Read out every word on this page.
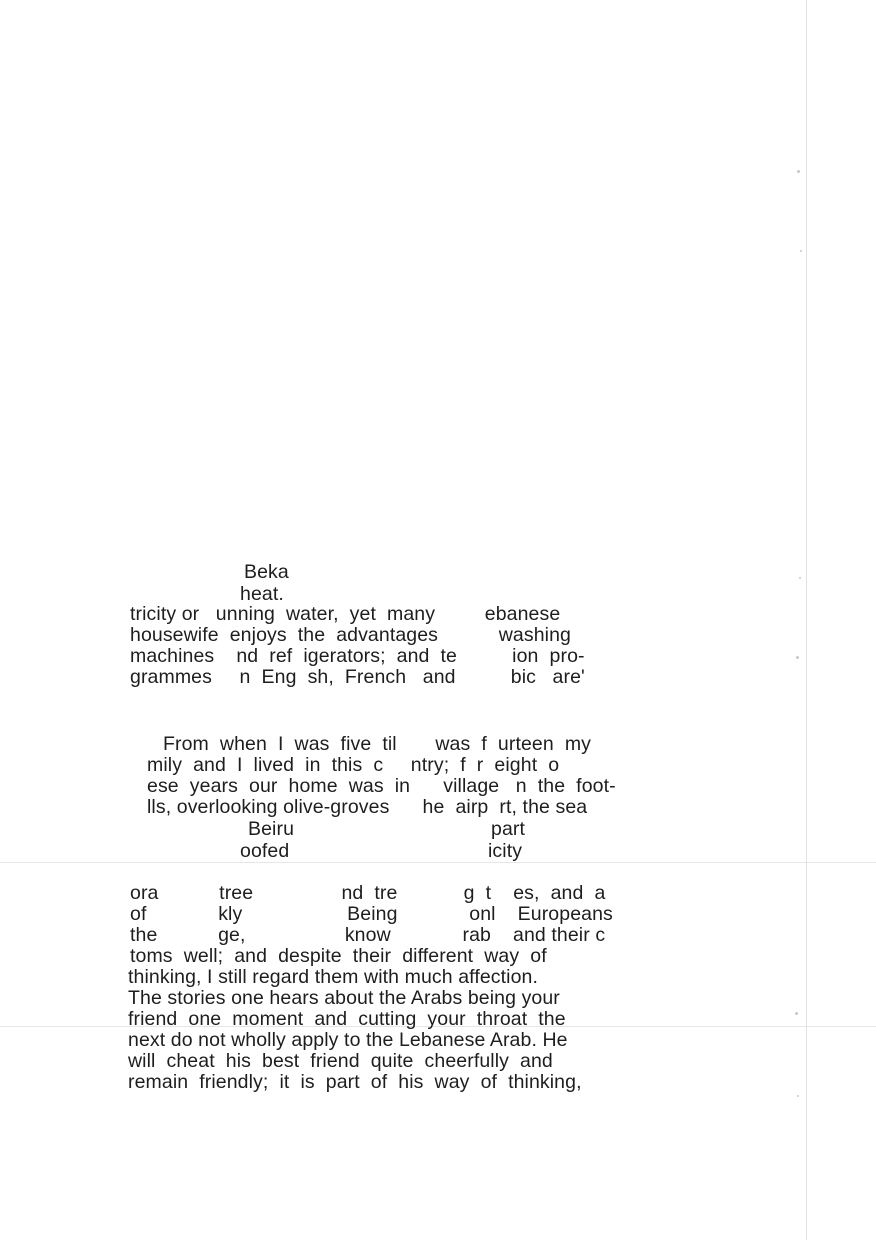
Beka
heat.
tricity or   unning  water,  yet  many         ebanese
housewife  enjoys  the  advantages           washing
machines    nd  ref  igerators;  and  te          ion  pro-
grammes     n  Eng  sh,  French   and          bic   are'
From  when  I  was  five  til       was  f  urteen  my
mily  and  I  lived  in  this  c     ntry;  f  r  eight  o
ese  years  our  home  was  in      village   n  the  foot-
lls, overlooking olive-groves      he  airp  rt, the sea
Beiru	part
oofed	icity
ora           tree                nd  tre            g  t    es,  and  a
of             kly                   Being             onl    Europeans
the           ge,                  know             rab    and their c
toms  well;  and  despite  their  different  way  of
thinking, I still regard them with much affection.
The stories one hears about the Arabs being your
friend  one  moment  and  cutting  your  throat  the
next do not wholly apply to the Lebanese Arab. He
will  cheat  his  best  friend  quite  cheerfully  and
remain  friendly;  it  is  part  of  his  way  of  thinking,
